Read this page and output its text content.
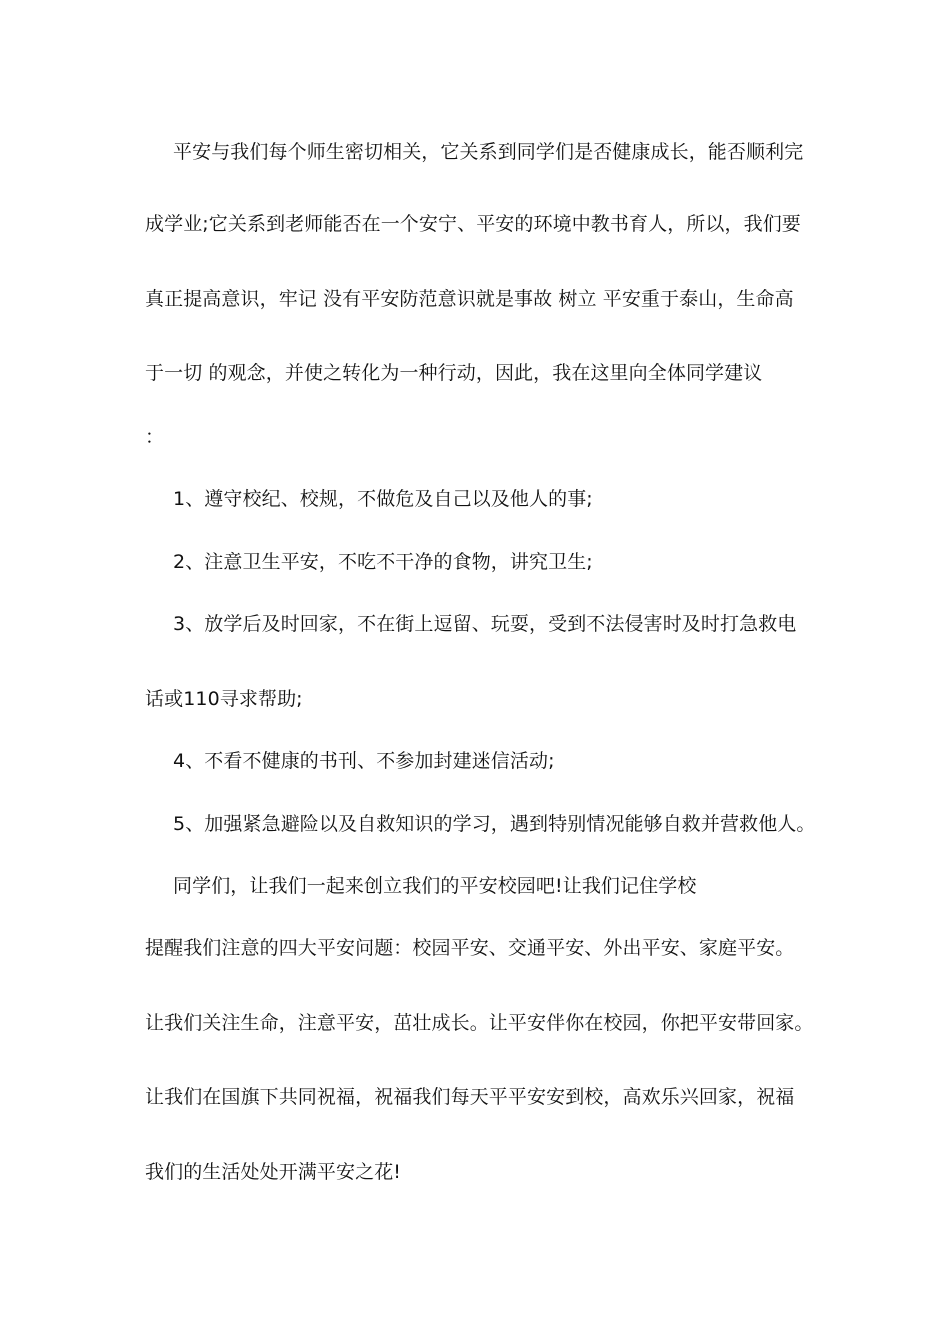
平安与我们每个师生密切相关，它关系到同学们是否健康成长，能否顺利完
成学业;它关系到老师能否在一个安宁、平安的环境中教书育人，所以，我们要
真正提高意识，牢记 没有平安防范意识就是事故 树立 平安重于泰山，生命高
于一切 的观念，并使之转化为一种行动，因此，我在这里向全体同学建议
：
1、遵守校纪、校规，不做危及自己以及他人的事;
2、注意卫生平安，不吃不干净的食物，讲究卫生;
3、放学后及时回家，不在街上逗留、玩耍，受到不法侵害时及时打急救电
话或110寻求帮助;
4、不看不健康的书刊、不参加封建迷信活动;
5、加强紧急避险以及自救知识的学习，遇到特别情况能够自救并营救他人。
同学们，让我们一起来创立我们的平安校园吧!让我们记住学校
提醒我们注意的四大平安问题：校园平安、交通平安、外出平安、家庭平安。
让我们关注生命，注意平安，茁壮成长。让平安伴你在校园，你把平安带回家。
让我们在国旗下共同祝福，祝福我们每天平平安安到校，高欢乐兴回家，祝福
我们的生活处处开满平安之花!
